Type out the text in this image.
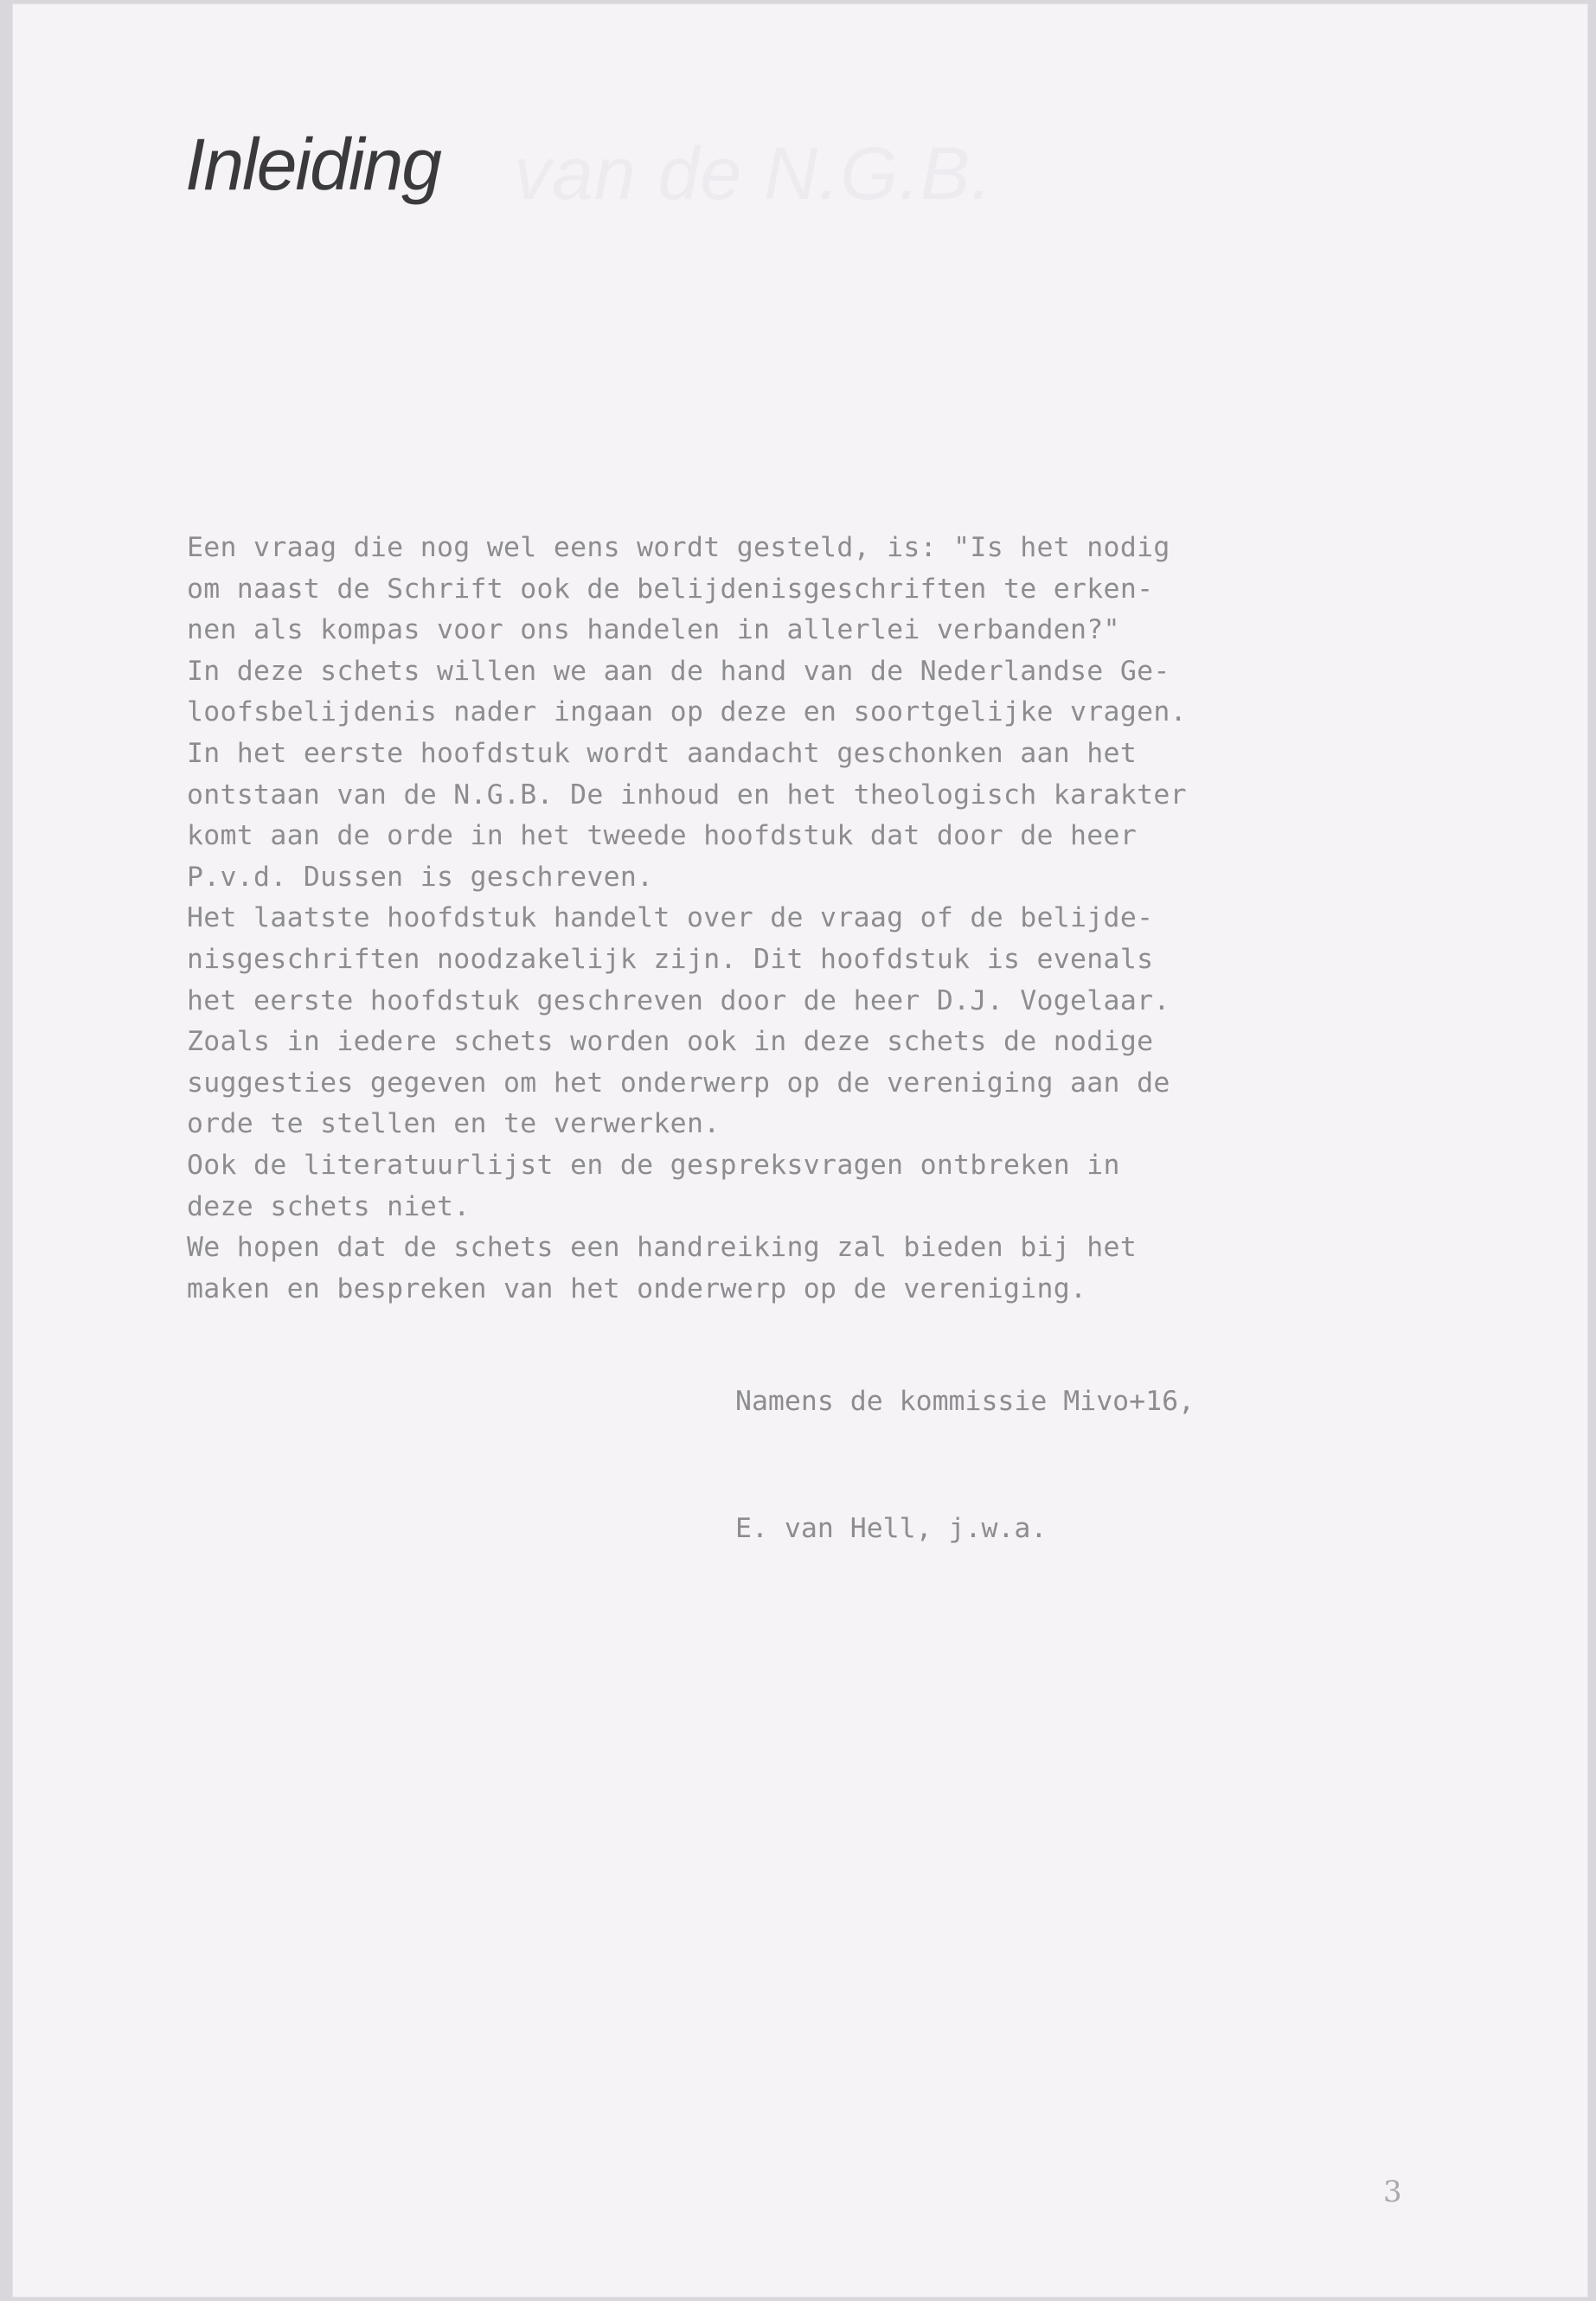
van de N.G.B.
Inleiding
Een vraag die nog wel eens wordt gesteld, is: "Is het nodig
om naast de Schrift ook de belijdenisgeschriften te erken-
nen als kompas voor ons handelen in allerlei verbanden?"
In deze schets willen we aan de hand van de Nederlandse Ge-
loofsbelijdenis nader ingaan op deze en soortgelijke vragen.
In het eerste hoofdstuk wordt aandacht geschonken aan het
ontstaan van de N.G.B. De inhoud en het theologisch karakter
komt aan de orde in het tweede hoofdstuk dat door de heer
P.v.d. Dussen is geschreven.
Het laatste hoofdstuk handelt over de vraag of de belijde-
nisgeschriften noodzakelijk zijn. Dit hoofdstuk is evenals
het eerste hoofdstuk geschreven door de heer D.J. Vogelaar.
Zoals in iedere schets worden ook in deze schets de nodige
suggesties gegeven om het onderwerp op de vereniging aan de
orde te stellen en te verwerken.
Ook de literatuurlijst en de gespreksvragen ontbreken in
deze schets niet.
We hopen dat de schets een handreiking zal bieden bij het
maken en bespreken van het onderwerp op de vereniging.
Namens de kommissie Mivo+16,
E. van Hell, j.w.a.
3
